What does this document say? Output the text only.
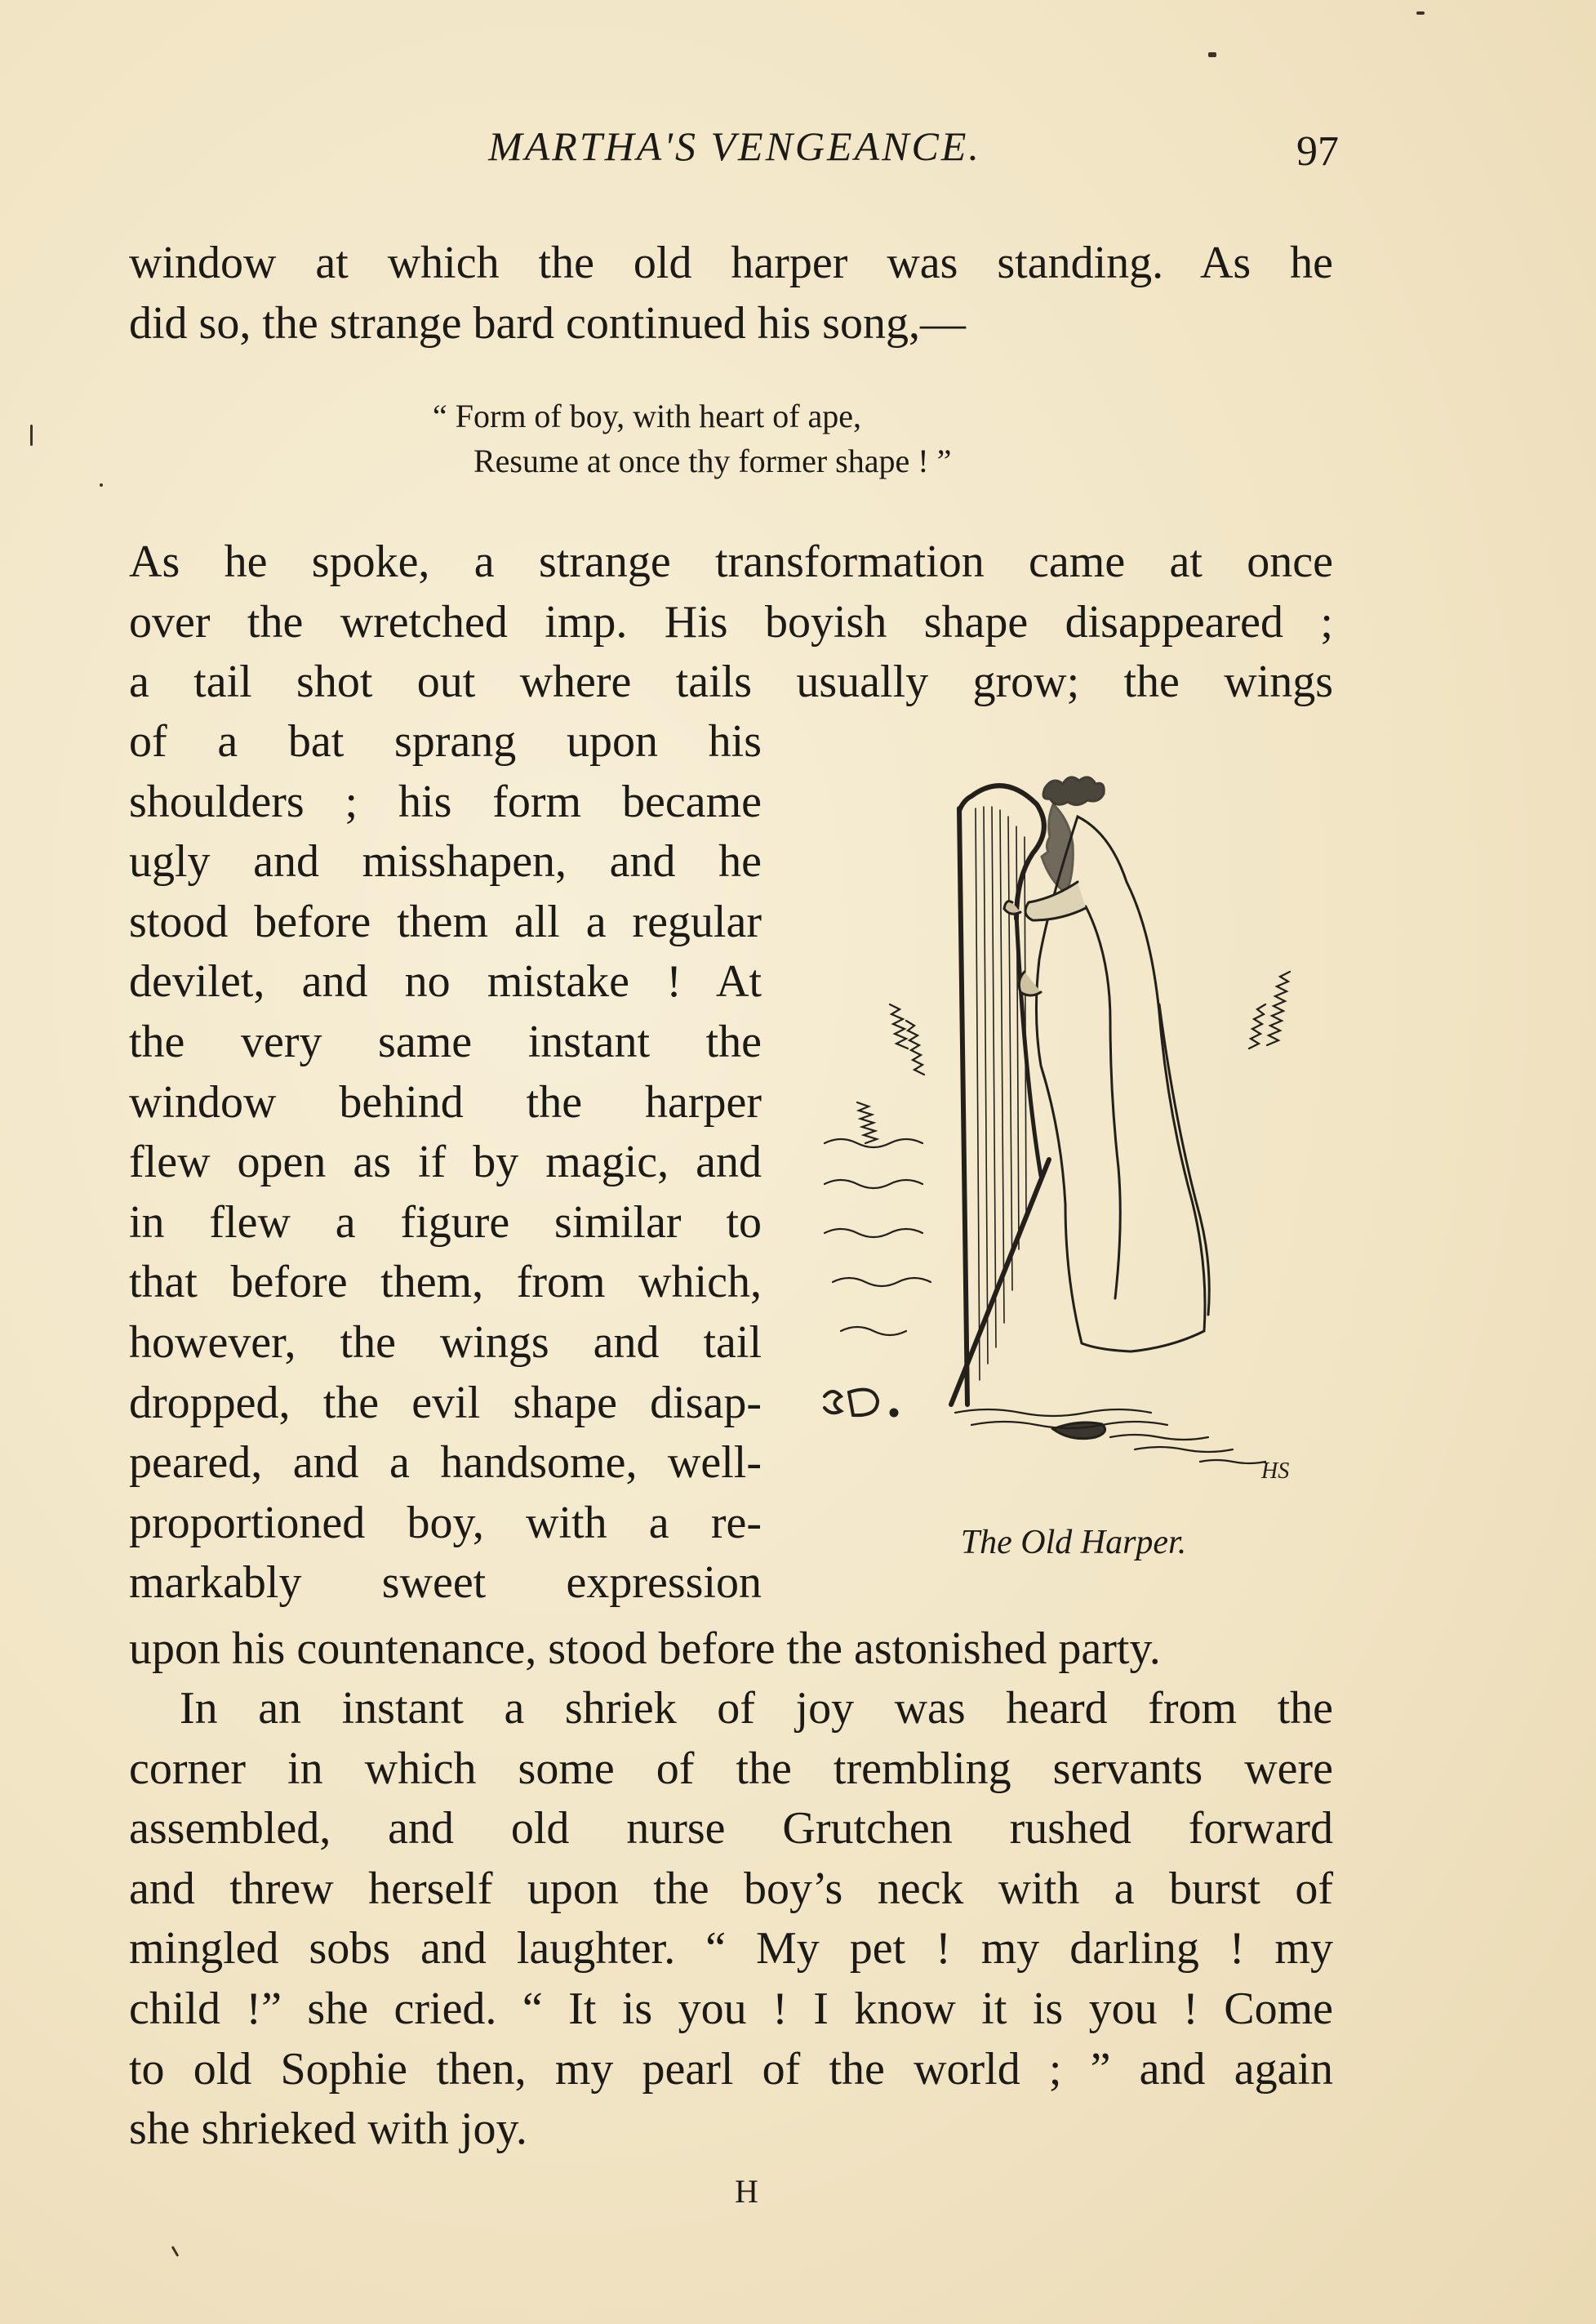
MARTHA'S VENGEANCE.	97
window at which the old harper was standing. As he
did so, the strange bard continued his song,—
“ Form of boy, with heart of ape,
Resume at once thy former shape ! ”
As he spoke, a strange transformation came at once
over the wretched imp. His boyish shape disappeared ;
a tail shot out where tails usually grow; the wings
of a bat sprang upon his
shoulders ; his form became
ugly and misshapen, and he
stood before them all a regular
devilet, and no mistake ! At
the very same instant the
window behind the harper
flew open as if by magic, and
in flew a figure similar to
that before them, from which,
however, the wings and tail
dropped, the evil shape disap-
peared, and a handsome, well-
proportioned boy, with a re-
markably sweet expression
HS
The Old Harper.
upon his countenance, stood before the astonished party.
In an instant a shriek of joy was heard from the
corner in which some of the trembling servants were
assembled, and old nurse Grutchen rushed forward
and threw herself upon the boy’s neck with a burst of
mingled sobs and laughter. “ My pet ! my darling ! my
child !” she cried. “ It is you ! I know it is you ! Come
to old Sophie then, my pearl of the world ; ” and again
she shrieked with joy.
H
